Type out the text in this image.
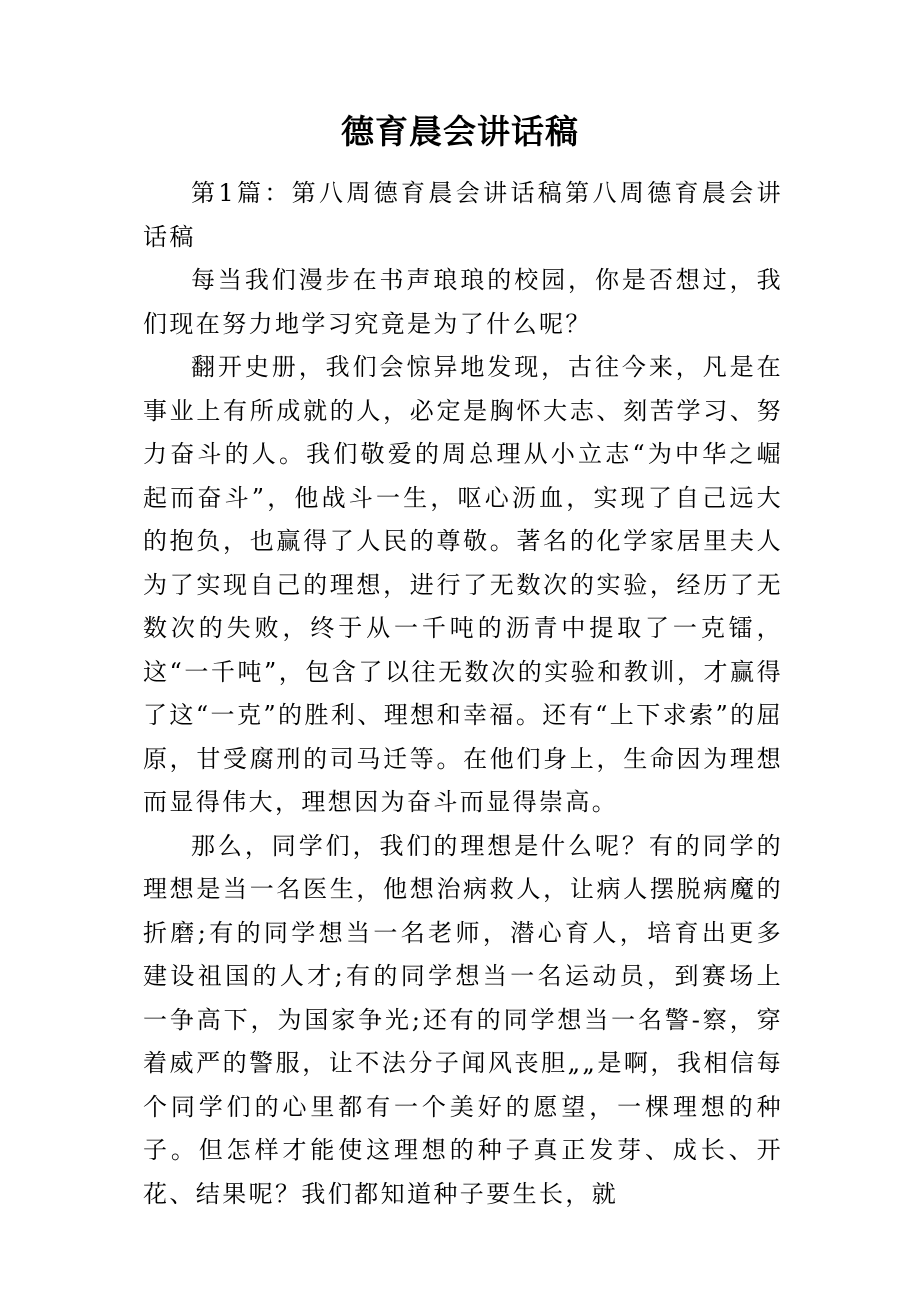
德育晨会讲话稿

第1篇：第八周德育晨会讲话稿第八周德育晨会讲话稿

每当我们漫步在书声琅琅的校园，你是否想过，我们现在努力地学习究竟是为了什么呢？

翻开史册，我们会惊异地发现，古往今来，凡是在事业上有所成就的人，必定是胸怀大志、刻苦学习、努力奋斗的人。我们敬爱的周总理从小立志“为中华之崛起而奋斗”，他战斗一生，呕心沥血，实现了自己远大的抱负，也赢得了人民的尊敬。著名的化学家居里夫人为了实现自己的理想，进行了无数次的实验，经历了无数次的失败，终于从一千吨的沥青中提取了一克镭，这“一千吨”，包含了以往无数次的实验和教训，才赢得了这“一克”的胜利、理想和幸福。还有“上下求索”的屈原，甘受腐刑的司马迁等。在他们身上，生命因为理想而显得伟大，理想因为奋斗而显得崇高。

那么，同学们，我们的理想是什么呢？有的同学的理想是当一名医生，他想治病救人，让病人摆脱病魔的折磨;有的同学想当一名老师，潜心育人，培育出更多建设祖国的人才;有的同学想当一名运动员，到赛场上一争高下，为国家争光;还有的同学想当一名警-察，穿着威严的警服，让不法分子闻风丧胆„„是啊，我相信每个同学们的心里都有一个美好的愿望，一棵理想的种子。但怎样才能使这理想的种子真正发芽、成长、开花、结果呢？我们都知道种子要生长，就
